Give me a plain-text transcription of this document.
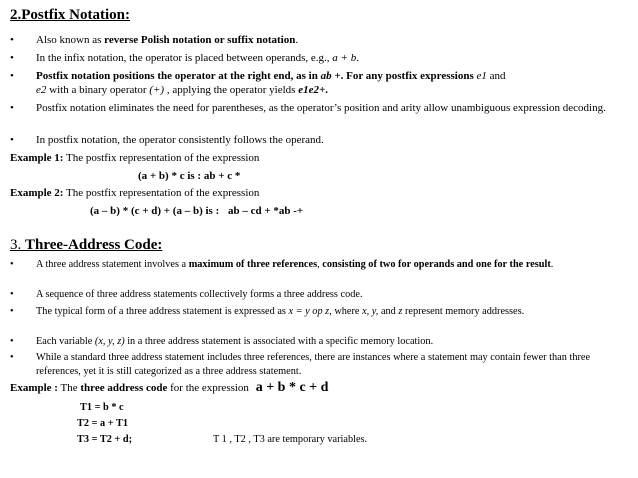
2.Postfix Notation:
•	Also known as reverse Polish notation or suffix notation.
•	In the infix notation, the operator is placed between operands, e.g., a + b.
•	Postfix notation positions the operator at the right end, as in ab +. For any postfix expressions e1 and e2 with a binary operator (+) , applying the operator yields e1e2+.
•	Postfix notation eliminates the need for parentheses, as the operator’s position and arity allow unambiguous expression decoding.
•	In postfix notation, the operator consistently follows the operand.
Example 1: The postfix representation of the expression
(a + b) * c is : ab + c *
Example 2: The postfix representation of the expression
(a – b) * (c + d) + (a – b) is : ab – cd + *ab -+
3. Three-Address Code:
•	A three address statement involves a maximum of three references, consisting of two for operands and one for the result.
•	A sequence of three address statements collectively forms a three address code.
•	The typical form of a three address statement is expressed as x = y op z, where x, y, and z represent memory addresses.
•	Each variable (x, y, z) in a three address statement is associated with a specific memory location.
•	While a standard three address statement includes three references, there are instances where a statement may contain fewer than three references, yet it is still categorized as a three address statement.
Example : The three address code for the expression a + b * c + d
T1 = b * c
T2 = a + T1
T3 = T2 + d;	T 1 , T2 , T3 are temporary variables.
